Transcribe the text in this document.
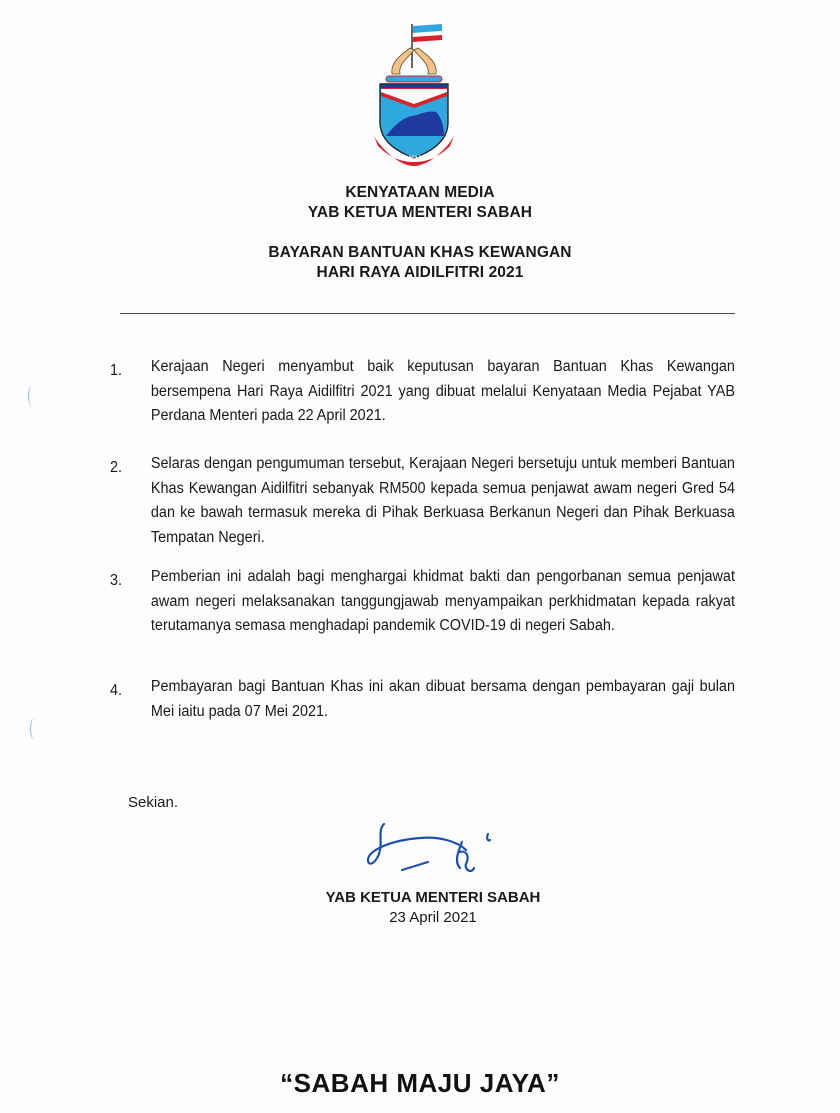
SABAH MAJU JAYA
KENYATAAN MEDIA
YAB KETUA MENTERI SABAH
BAYARAN BANTUAN KHAS KEWANGAN
HARI RAYA AIDILFITRI 2021
1. Kerajaan Negeri menyambut baik keputusan bayaran Bantuan Khas Kewangan bersempena Hari Raya Aidilfitri 2021 yang dibuat melalui Kenyataan Media Pejabat YAB Perdana Menteri pada 22 April 2021.
2. Selaras dengan pengumuman tersebut, Kerajaan Negeri bersetuju untuk memberi Bantuan Khas Kewangan Aidilfitri sebanyak RM500 kepada semua penjawat awam negeri Gred 54 dan ke bawah termasuk mereka di Pihak Berkuasa Berkanun Negeri dan Pihak Berkuasa Tempatan Negeri.
3. Pemberian ini adalah bagi menghargai khidmat bakti dan pengorbanan semua penjawat awam negeri melaksanakan tanggungjawab menyampaikan perkhidmatan kepada rakyat terutamanya semasa menghadapi pandemik COVID-19 di negeri Sabah.
4. Pembayaran bagi Bantuan Khas ini akan dibuat bersama dengan pembayaran gaji bulan Mei iaitu pada 07 Mei 2021.
Sekian.
YAB KETUA MENTERI SABAH
23 April 2021
“SABAH MAJU JAYA”
